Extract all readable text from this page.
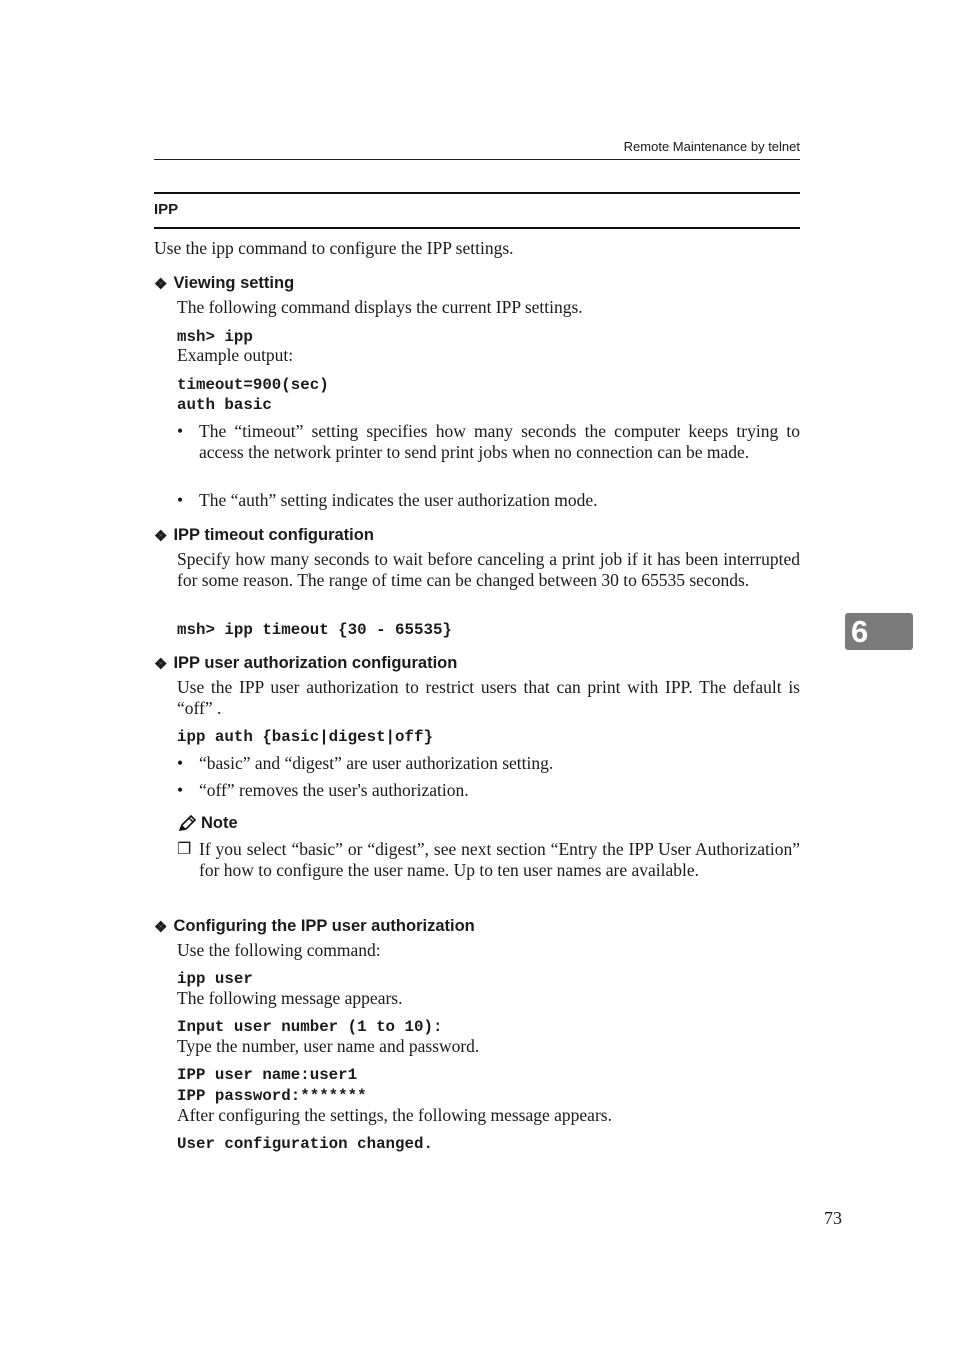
Remote Maintenance by telnet
IPP
Use the ipp command to configure the IPP settings.
❖ Viewing setting
The following command displays the current IPP settings.
msh> ipp
Example output:
timeout=900(sec)
auth basic
• The “timeout” setting specifies how many seconds the computer keeps trying to access the network printer to send print jobs when no connection can be made.
• The “auth” setting indicates the user authorization mode.
❖ IPP timeout configuration
Specify how many seconds to wait before canceling a print job if it has been interrupted for some reason. The range of time can be changed between 30 to 65535 seconds.
msh> ipp timeout {30 - 65535}
❖ IPP user authorization configuration
Use the IPP user authorization to restrict users that can print with IPP. The default is “off” .
ipp auth {basic|digest|off}
• “basic” and “digest” are user authorization setting.
• “off” removes the user's authorization.
Note
❐ If you select “basic” or “digest”, see next section “Entry the IPP User Authorization” for how to configure the user name. Up to ten user names are available.
❖ Configuring the IPP user authorization
Use the following command:
ipp user
The following message appears.
Input user number (1 to 10):
Type the number, user name and password.
IPP user name:user1
IPP password:*******
After configuring the settings, the following message appears.
User configuration changed.
6
73
